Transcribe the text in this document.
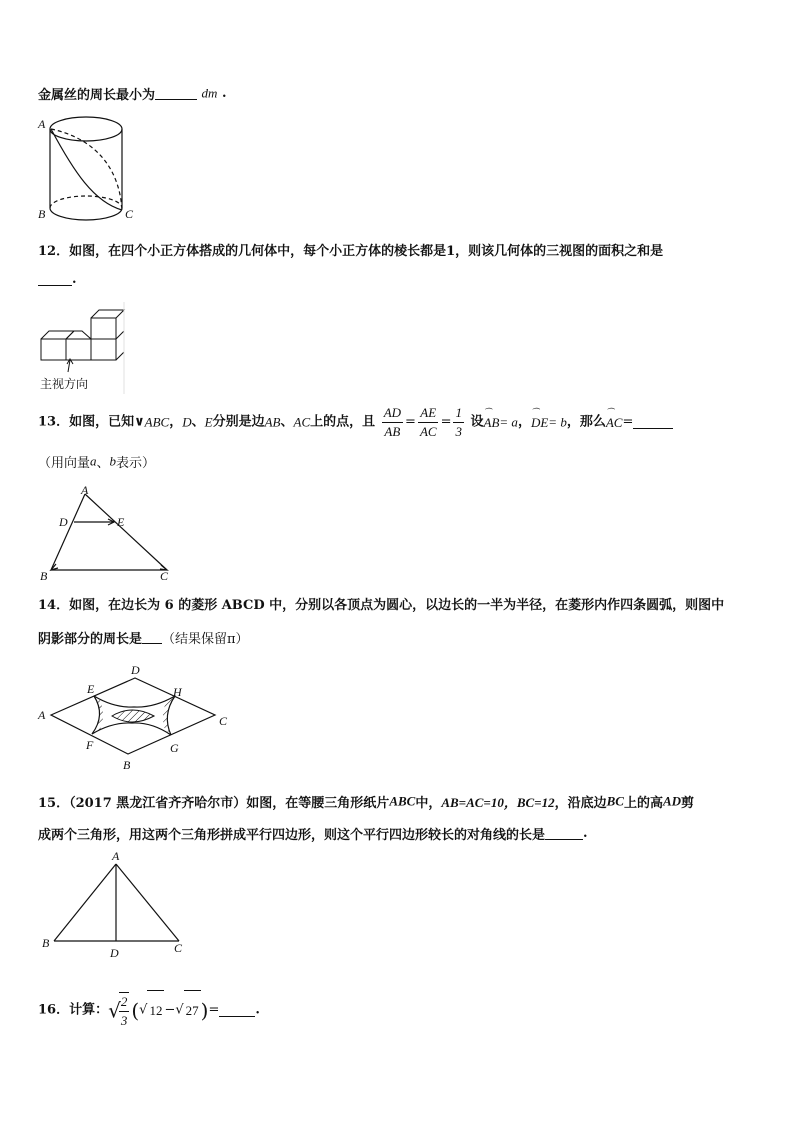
金属丝的周长最小为	dm .
A
B	C
12．如图，在四个小正方体搭成的几何体中，每个小正方体的棱长都是1，则该几何体的三视图的面积之和是
.
主视方向
13．如图，已知∨ABC，D、E分别是边AB、AC上的点，且 $\frac{AD}{AB} = \frac{AE}{AC} = \frac{1}{3}$ 设⏜ AB= a，⏜ DE= b，那么⏜ AC=
（用向量a、b表示）
A
D	E
B	C
14．如图，在边长为 6 的菱形 ABCD 中，分别以各顶点为圆心，以边长的一半为半径，在菱形内作四条圆弧，则图中
阴影部分的周长是 （结果保留π）
A
D
C
B
E	H
F	G
15．（2017 黑龙江省齐齐哈尔市）如图，在等腰三角形纸片ABC中，AB=AC=10，BC=12，沿底边BC上的高AD剪
成两个三角形，用这两个三角形拼成平行四边形，则这个平行四边形较长的对角线的长是	.
A
B
D	C
16．计算：√
$\frac{2}{3}$ (√ 12 −√ 27 )=	.
